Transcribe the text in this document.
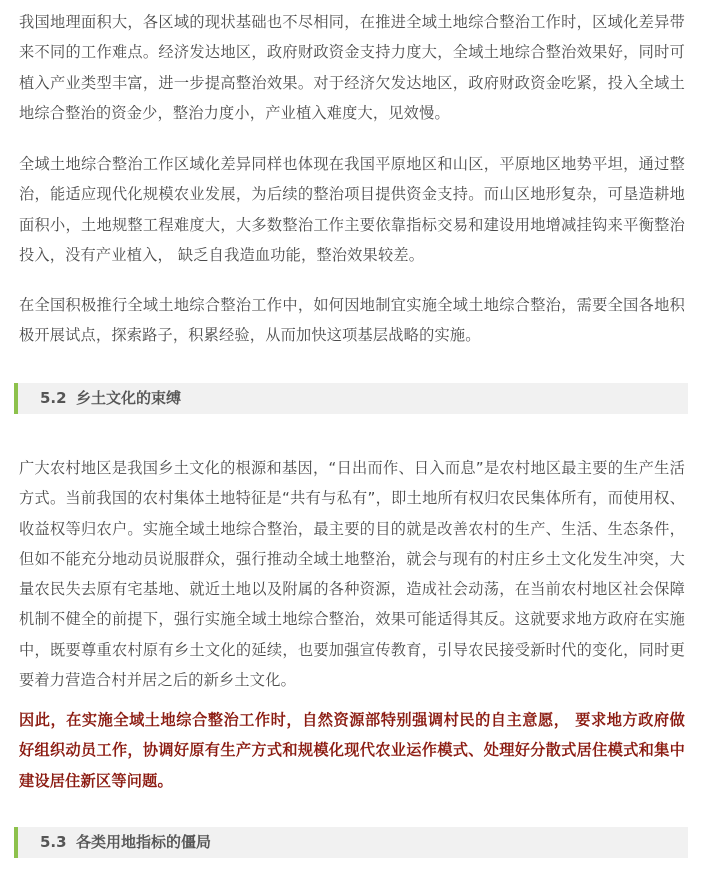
我国地理面积大，各区域的现状基础也不尽相同，在推进全域土地综合整治工作时，区域化差异带来不同的工作难点。经济发达地区，政府财政资金支持力度大，全域土地综合整治效果好，同时可植入产业类型丰富，进一步提高整治效果。对于经济欠发达地区，政府财政资金吃紧，投入全域土地综合整治的资金少，整治力度小，产业植入难度大，见效慢。

全域土地综合整治工作区域化差异同样也体现在我国平原地区和山区，平原地区地势平坦，通过整治，能适应现代化规模农业发展，为后续的整治项目提供资金支持。而山区地形复杂，可垦造耕地面积小，土地规整工程难度大，大多数整治工作主要依靠指标交易和建设用地增减挂钩来平衡整治投入，没有产业植入， 缺乏自我造血功能，整治效果较差。

在全国积极推行全域土地综合整治工作中，如何因地制宜实施全域土地综合整治，需要全国各地积极开展试点，探索路子，积累经验，从而加快这项基层战略的实施。

5.2 乡土文化的束缚

广大农村地区是我国乡土文化的根源和基因，“日出而作、日入而息”是农村地区最主要的生产生活方式。当前我国的农村集体土地特征是“共有与私有”，即土地所有权归农民集体所有，而使用权、收益权等归农户。实施全域土地综合整治，最主要的目的就是改善农村的生产、生活、生态条件，但如不能充分地动员说服群众，强行推动全域土地整治，就会与现有的村庄乡土文化发生冲突，大量农民失去原有宅基地、就近土地以及附属的各种资源，造成社会动荡，在当前农村地区社会保障机制不健全的前提下，强行实施全域土地综合整治，效果可能适得其反。这就要求地方政府在实施中，既要尊重农村原有乡土文化的延续，也要加强宣传教育，引导农民接受新时代的变化，同时更要着力营造合村并居之后的新乡土文化。

因此，在实施全域土地综合整治工作时，自然资源部特别强调村民的自主意愿， 要求地方政府做好组织动员工作，协调好原有生产方式和规模化现代农业运作模式、处理好分散式居住模式和集中建设居住新区等问题。

5.3 各类用地指标的僵局
